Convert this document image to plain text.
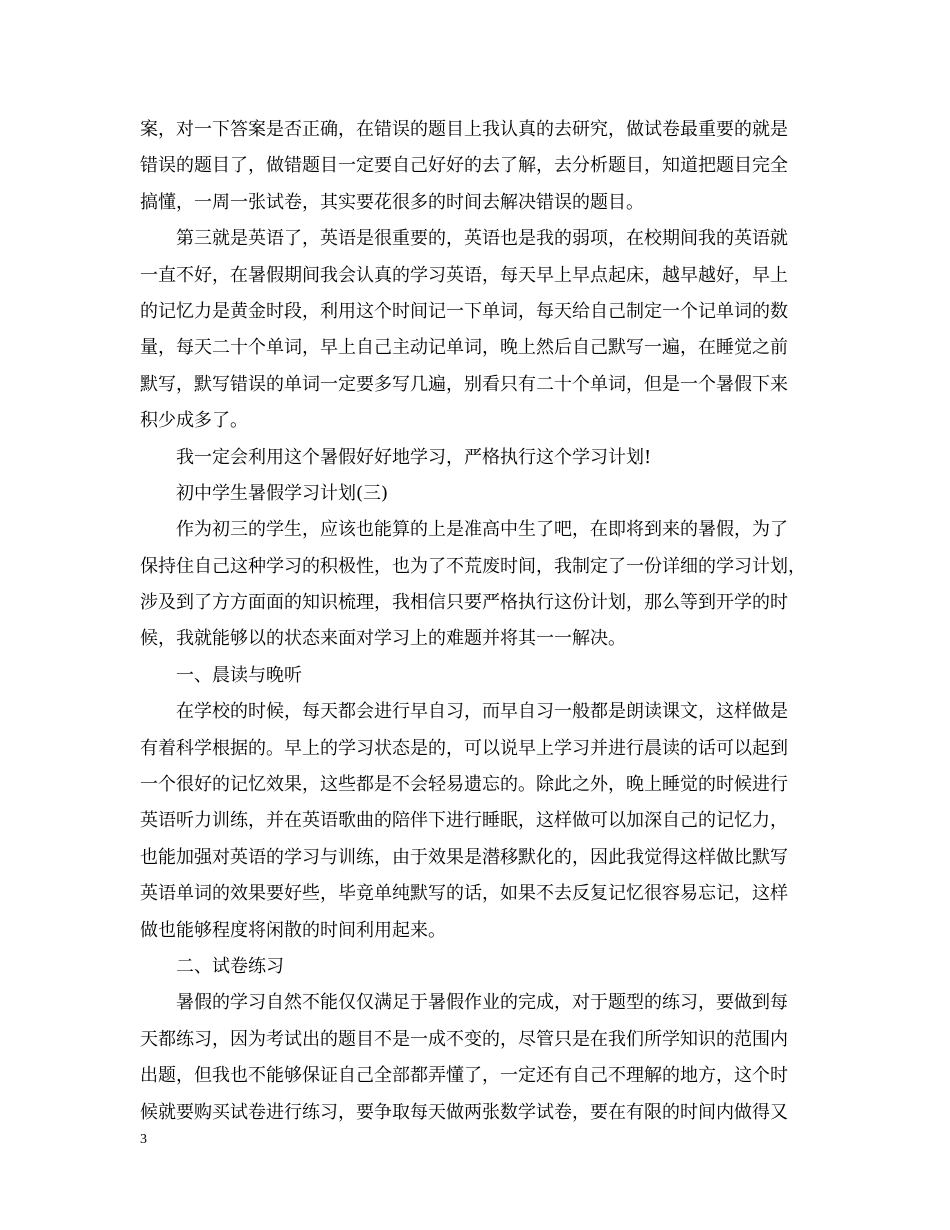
案，对一下答案是否正确，在错误的题目上我认真的去研究，做试卷最重要的就是
错误的题目了，做错题目一定要自己好好的去了解，去分析题目，知道把题目完全
搞懂，一周一张试卷，其实要花很多的时间去解决错误的题目。
第三就是英语了，英语是很重要的，英语也是我的弱项，在校期间我的英语就
一直不好，在暑假期间我会认真的学习英语，每天早上早点起床，越早越好，早上
的记忆力是黄金时段，利用这个时间记一下单词，每天给自己制定一个记单词的数
量，每天二十个单词，早上自己主动记单词，晚上然后自己默写一遍，在睡觉之前
默写，默写错误的单词一定要多写几遍，别看只有二十个单词，但是一个暑假下来
积少成多了。
我一定会利用这个暑假好好地学习，严格执行这个学习计划!
初中学生暑假学习计划(三)
作为初三的学生，应该也能算的上是准高中生了吧，在即将到来的暑假，为了
保持住自己这种学习的积极性，也为了不荒废时间，我制定了一份详细的学习计划，
涉及到了方方面面的知识梳理，我相信只要严格执行这份计划，那么等到开学的时
候，我就能够以的状态来面对学习上的难题并将其一一解决。
一、晨读与晚听
在学校的时候，每天都会进行早自习，而早自习一般都是朗读课文，这样做是
有着科学根据的。早上的学习状态是的，可以说早上学习并进行晨读的话可以起到
一个很好的记忆效果，这些都是不会轻易遗忘的。除此之外，晚上睡觉的时候进行
英语听力训练，并在英语歌曲的陪伴下进行睡眠，这样做可以加深自己的记忆力，
也能加强对英语的学习与训练，由于效果是潜移默化的，因此我觉得这样做比默写
英语单词的效果要好些，毕竟单纯默写的话，如果不去反复记忆很容易忘记，这样
做也能够程度将闲散的时间利用起来。
二、试卷练习
暑假的学习自然不能仅仅满足于暑假作业的完成，对于题型的练习，要做到每
天都练习，因为考试出的题目不是一成不变的，尽管只是在我们所学知识的范围内
出题，但我也不能够保证自己全部都弄懂了，一定还有自己不理解的地方，这个时
候就要购买试卷进行练习，要争取每天做两张数学试卷，要在有限的时间内做得又
3
